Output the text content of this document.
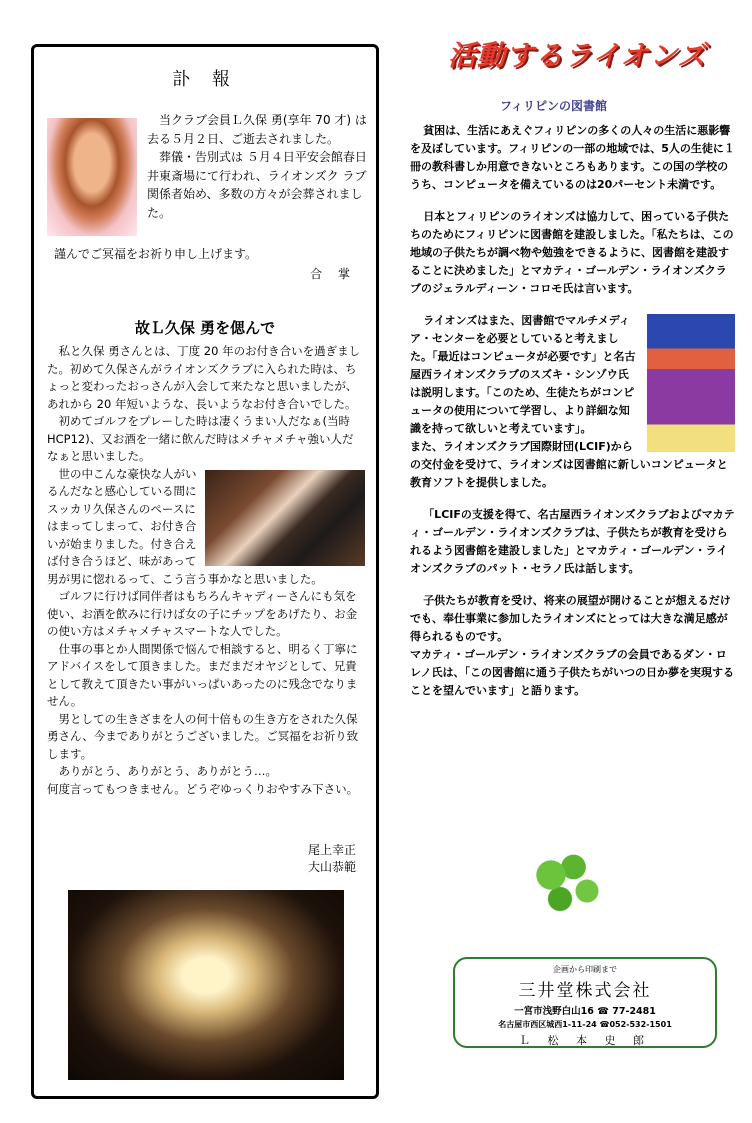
訃 報

当クラブ会員Ｌ久保 勇(享年 70 才) は去る５月２日、ご逝去されました。

葬儀・告別式は ５月４日平安会館春日井東斎場にて行われ、ライオンズク ラブ関係者始め、多数の方々が会葬されました。

謹んでご冥福をお祈り申し上げます。
合 掌
故Ｌ久保 勇を偲んで

私と久保 勇さんとは、丁度 20 年のお付き合いを過ぎました。初めて久保さんがライオンズクラブに入られた時は、ちょっと変わったおっさんが入会して来たなと思いましたが、あれから 20 年短いような、長いようなお付き合いでした。

初めてゴルフをプレーした時は凄くうまい人だなぁ(当時 HCP12)、又お酒を一緒に飲んだ時はメチャメチャ強い人だなぁと思いました。

世の中こんな豪快な人がいるんだなと感心している間にスッカリ久保さんのペースにはまってしまって、お付き合いが始まりました。付き合えば付き合うほど、味があって男が男に惚れるって、こう言う事かなと思いました。

ゴルフに行けば同伴者はもちろんキャディーさんにも気を使い、お酒を飲みに行けば女の子にチップをあげたり、お金の使い方はメチャメチャスマートな人でした。

仕事の事とか人間関係で悩んで相談すると、明るく丁寧にアドバイスをして頂きました。まだまだオヤジとして、兄貴として教えて頂きたい事がいっぱいあったのに残念でなりません。

男としての生きざまを人の何十倍もの生き方をされた久保 勇さん、今までありがとうございました。ご冥福をお祈り致します。

ありがとう、ありがとう、ありがとう…。

何度言ってもつきません。どうぞゆっくりおやすみ下さい。

尾上幸正
大山恭範
活動するライオンズ
フィリピンの図書館

貧困は、生活にあえぐフィリピンの多くの人々の生活に悪影響を及ぼしています。フィリピンの一部の地域では、5人の生徒に１冊の教科書しか用意できないところもあります。この国の学校のうち、コンピュータを備えているのは20パーセント未満です。

日本とフィリピンのライオンズは協力して、困っている子供たちのためにフィリピンに図書館を建設しました。「私たちは、この地域の子供たちが調べ物や勉強をできるように、図書館を建設することに決めました」とマカティ・ゴールデン・ライオンズクラブのジェラルディーン・コロモ氏は言います。

ライオンズはまた、図書館でマルチメディア・センターを必要としていると考えました。「最近はコンピュータが必要です」と名古屋西ライオンズクラブのスズキ・シンゾウ氏は説明します。「このため、生徒たちがコンピュータの使用について学習し、より詳細な知識を持って欲しいと考えています」。

また、ライオンズクラブ国際財団(LCIF)からの交付金を受けて、ライオンズは図書館に新しいコンピュータと教育ソフトを提供しました。

「LCIFの支援を得て、名古屋西ライオンズクラブおよびマカティ・ゴールデン・ライオンズクラブは、子供たちが教育を受けられるよう図書館を建設しました」とマカティ・ゴールデン・ライオンズクラブのパット・セラノ氏は話します。

子供たちが教育を受け、将来の展望が開けることが想えるだけでも、奉仕事業に参加したライオンズにとっては大きな満足感が得られるものです。

マカティ・ゴールデン・ライオンズクラブの会員であるダン・ロレノ氏は、「この図書館に通う子供たちがいつの日か夢を実現することを望んでいます」と語ります。

企画から印刷まで
三井堂株式会社
一宮市浅野白山16 ☎ 77-2481
名古屋市西区城西1-11-24 ☎052-532-1501
Ｌ 松 本 史 郎
